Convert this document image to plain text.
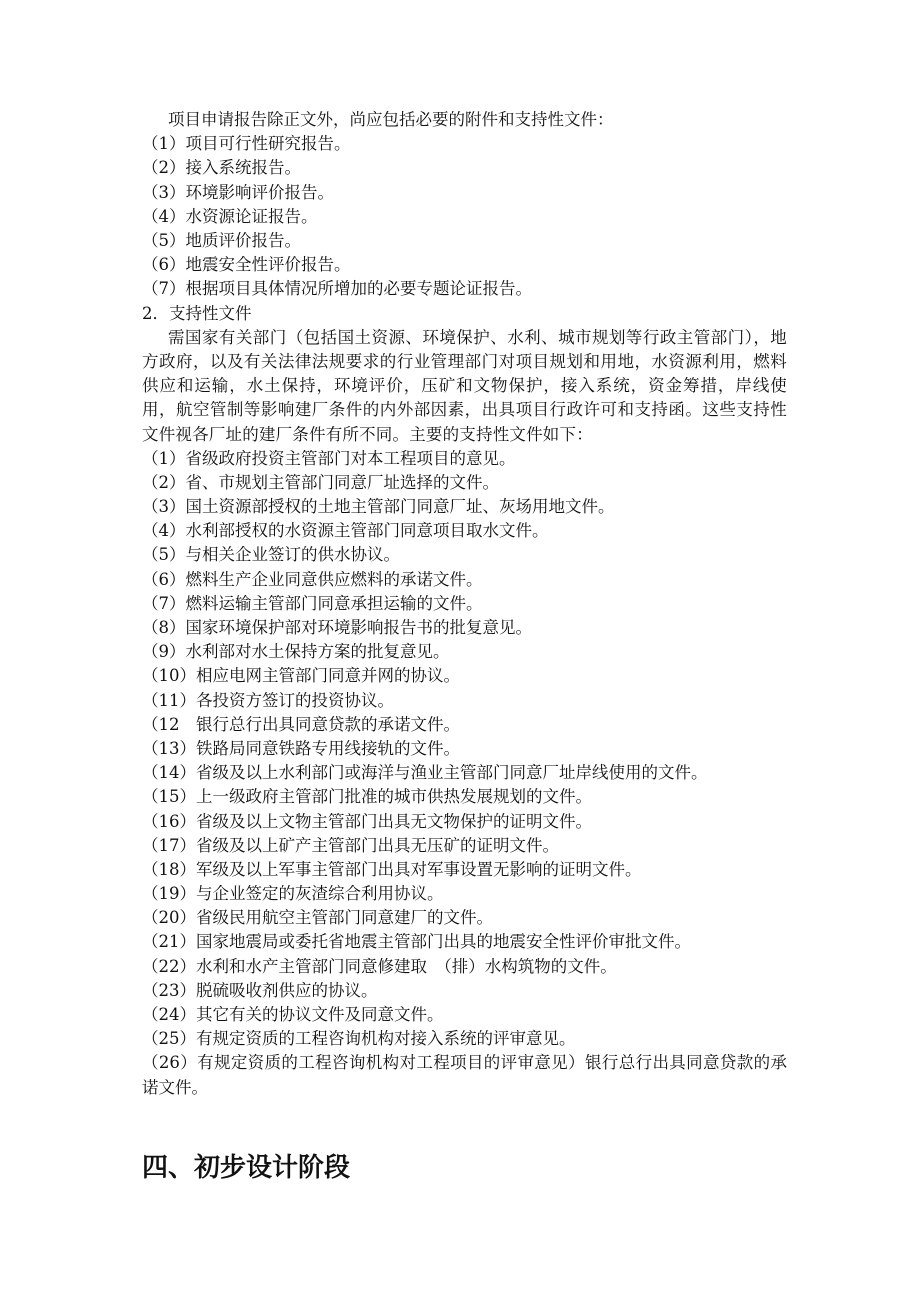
项目申请报告除正文外，尚应包括必要的附件和支持性文件：
（1）项目可行性研究报告。
（2）接入系统报告。
（3）环境影响评价报告。
（4）水资源论证报告。
（5）地质评价报告。
（6）地震安全性评价报告。
（7）根据项目具体情况所增加的必要专题论证报告。
2．支持性文件
需国家有关部门（包括国土资源、环境保护、水利、城市规划等行政主管部门），地方政府，以及有关法律法规要求的行业管理部门对项目规划和用地，水资源利用，燃料供应和运输，水土保持，环境评价，压矿和文物保护，接入系统，资金筹措，岸线使用，航空管制等影响建厂条件的内外部因素，出具项目行政许可和支持函。这些支持性文件视各厂址的建厂条件有所不同。主要的支持性文件如下：
（1）省级政府投资主管部门对本工程项目的意见。
（2）省、市规划主管部门同意厂址选择的文件。
（3）国土资源部授权的土地主管部门同意厂址、灰场用地文件。
（4）水利部授权的水资源主管部门同意项目取水文件。
（5）与相关企业签订的供水协议。
（6）燃料生产企业同意供应燃料的承诺文件。
（7）燃料运输主管部门同意承担运输的文件。
（8）国家环境保护部对环境影响报告书的批复意见。
（9）水利部对水土保持方案的批复意见。
（10）相应电网主管部门同意并网的协议。
（11）各投资方签订的投资协议。
（12　银行总行出具同意贷款的承诺文件。
（13）铁路局同意铁路专用线接轨的文件。
（14）省级及以上水利部门或海洋与渔业主管部门同意厂址岸线使用的文件。
（15）上一级政府主管部门批准的城市供热发展规划的文件。
（16）省级及以上文物主管部门出具无文物保护的证明文件。
（17）省级及以上矿产主管部门出具无压矿的证明文件。
（18）军级及以上军事主管部门出具对军事设置无影响的证明文件。
（19）与企业签定的灰渣综合利用协议。
（20）省级民用航空主管部门同意建厂的文件。
（21）国家地震局或委托省地震主管部门出具的地震安全性评价审批文件。
（22）水利和水产主管部门同意修建取　（排）水构筑物的文件。
（23）脱硫吸收剂供应的协议。
（24）其它有关的协议文件及同意文件。
（25）有规定资质的工程咨询机构对接入系统的评审意见。
（26）有规定资质的工程咨询机构对工程项目的评审意见）银行总行出具同意贷款的承诺文件。
四、初步设计阶段
